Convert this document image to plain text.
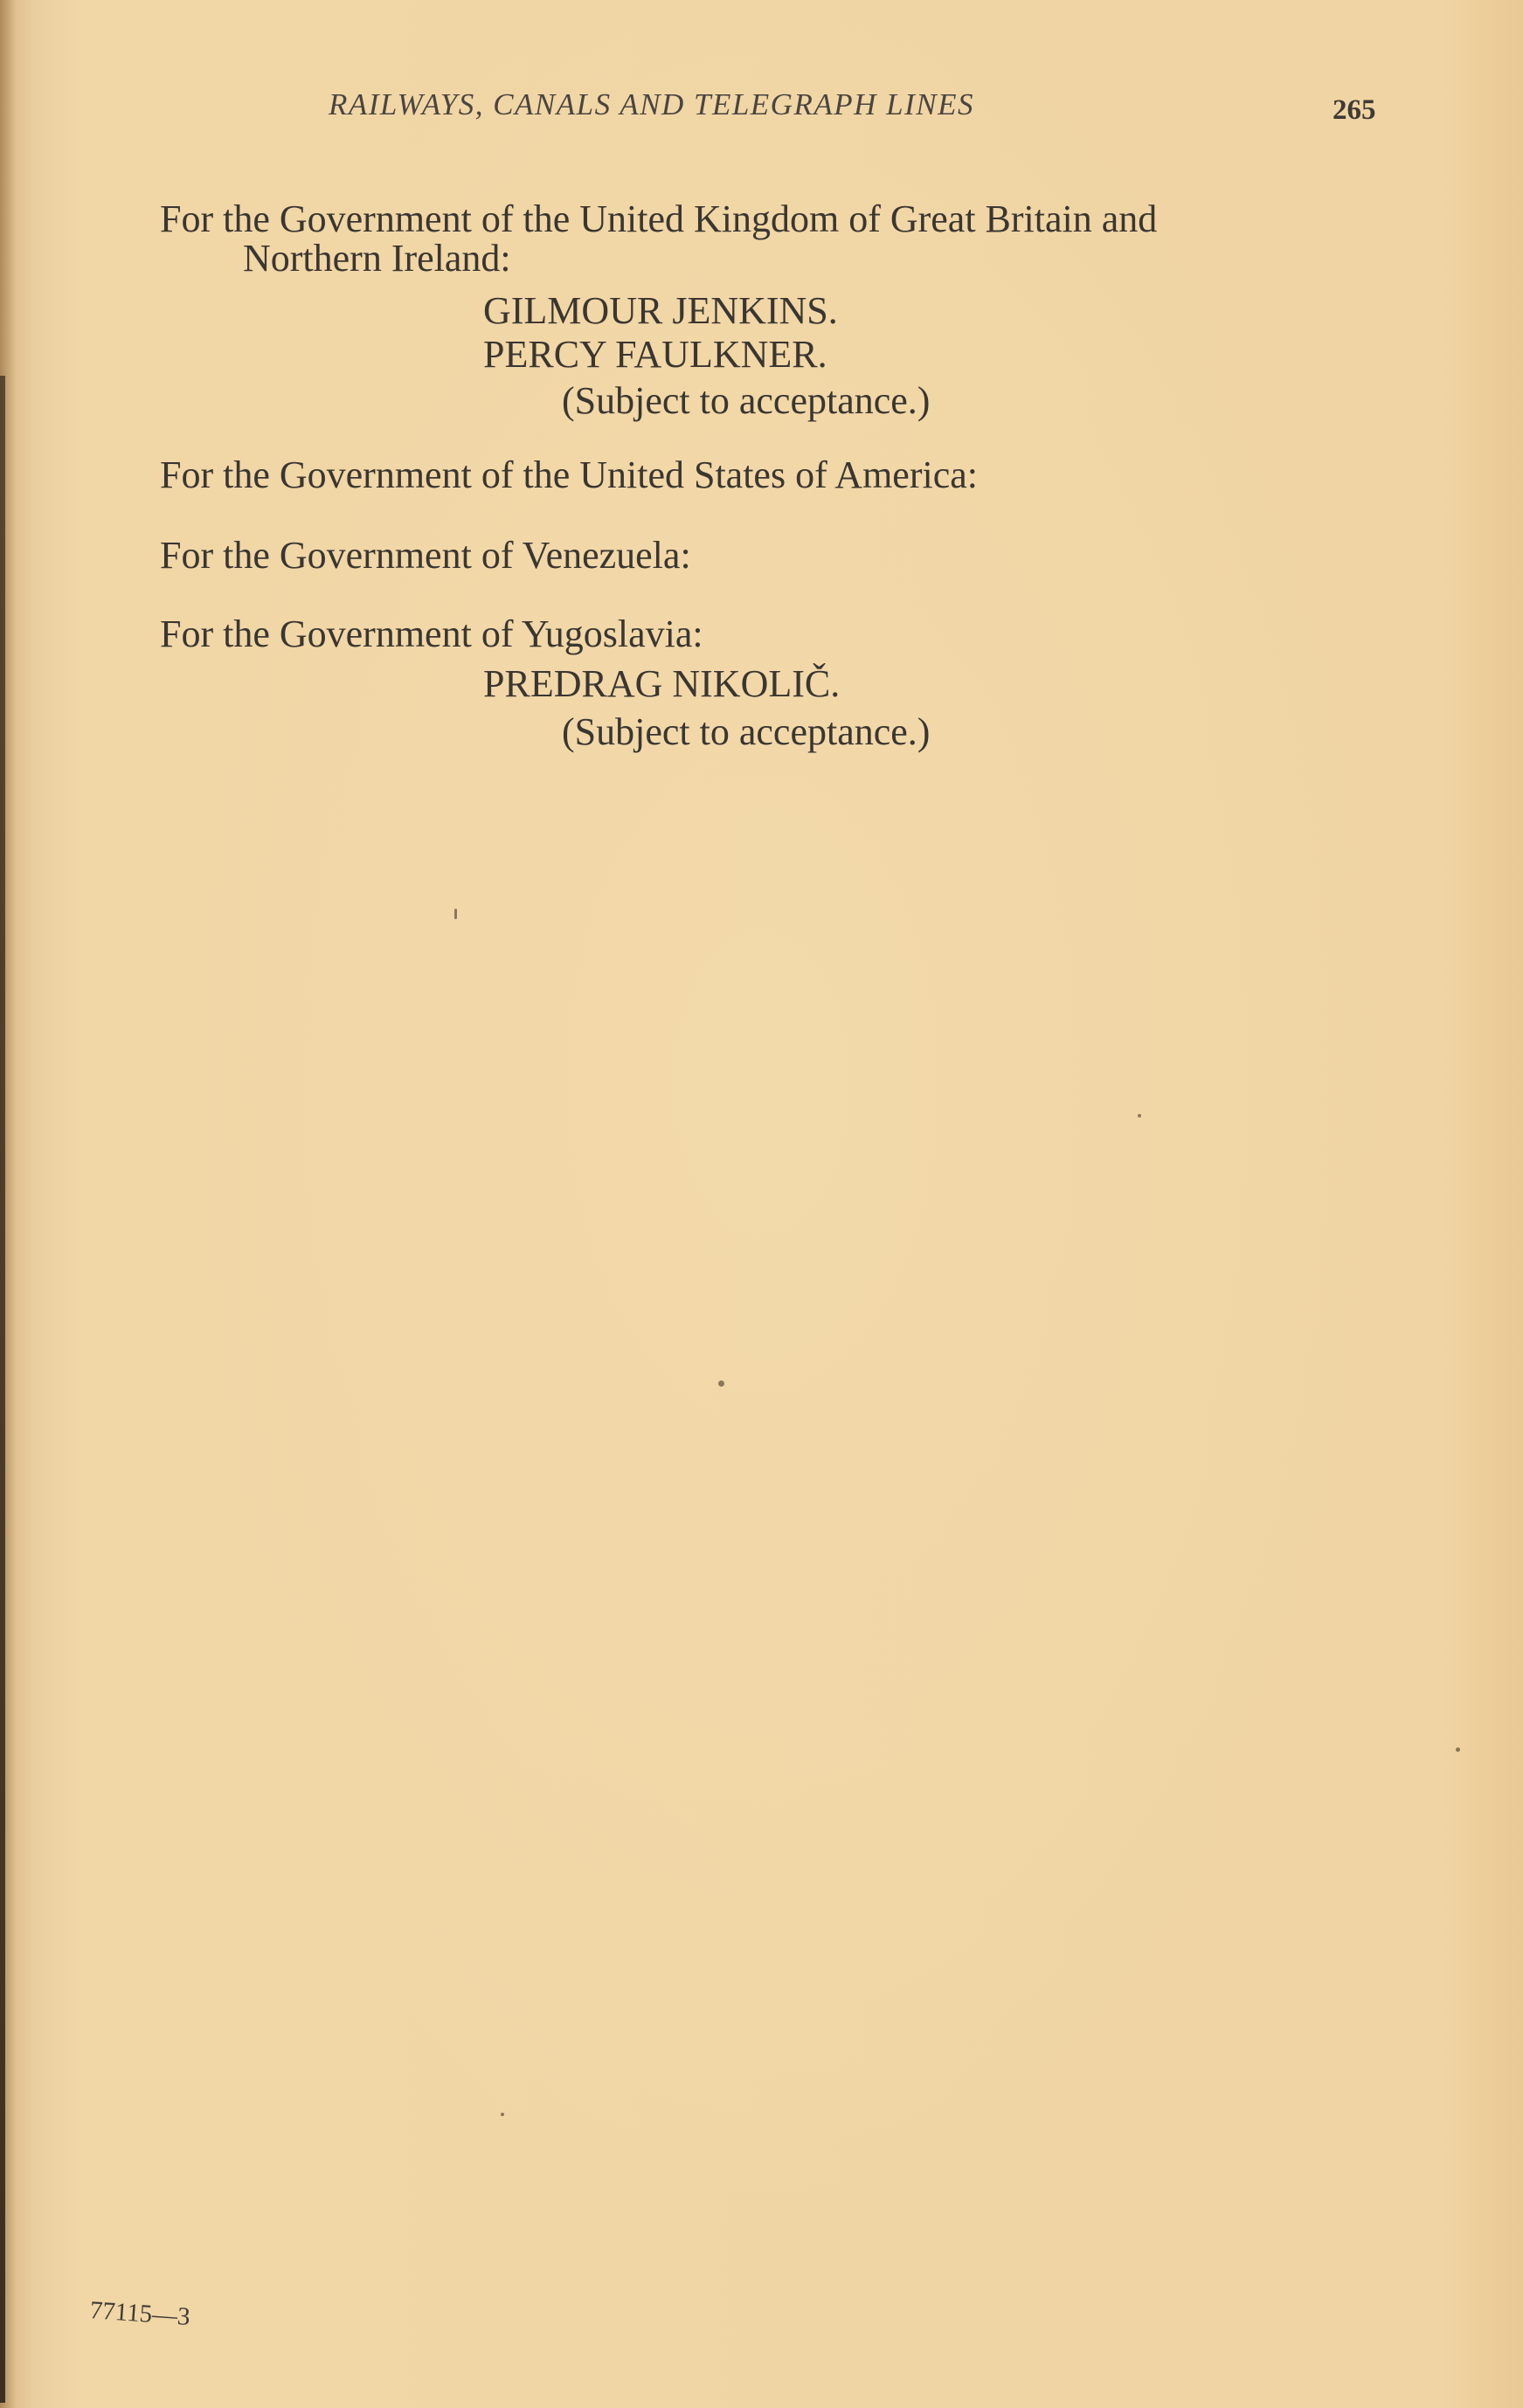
RAILWAYS, CANALS AND TELEGRAPH LINES	265
For the Government of the United Kingdom of Great Britain and
Northern Ireland:
GILMOUR JENKINS.
PERCY FAULKNER.
(Subject to acceptance.)
For the Government of the United States of America:
For the Government of Venezuela:
For the Government of Yugoslavia:
PREDRAG NIKOLIČ.
(Subject to acceptance.)
77115—3
